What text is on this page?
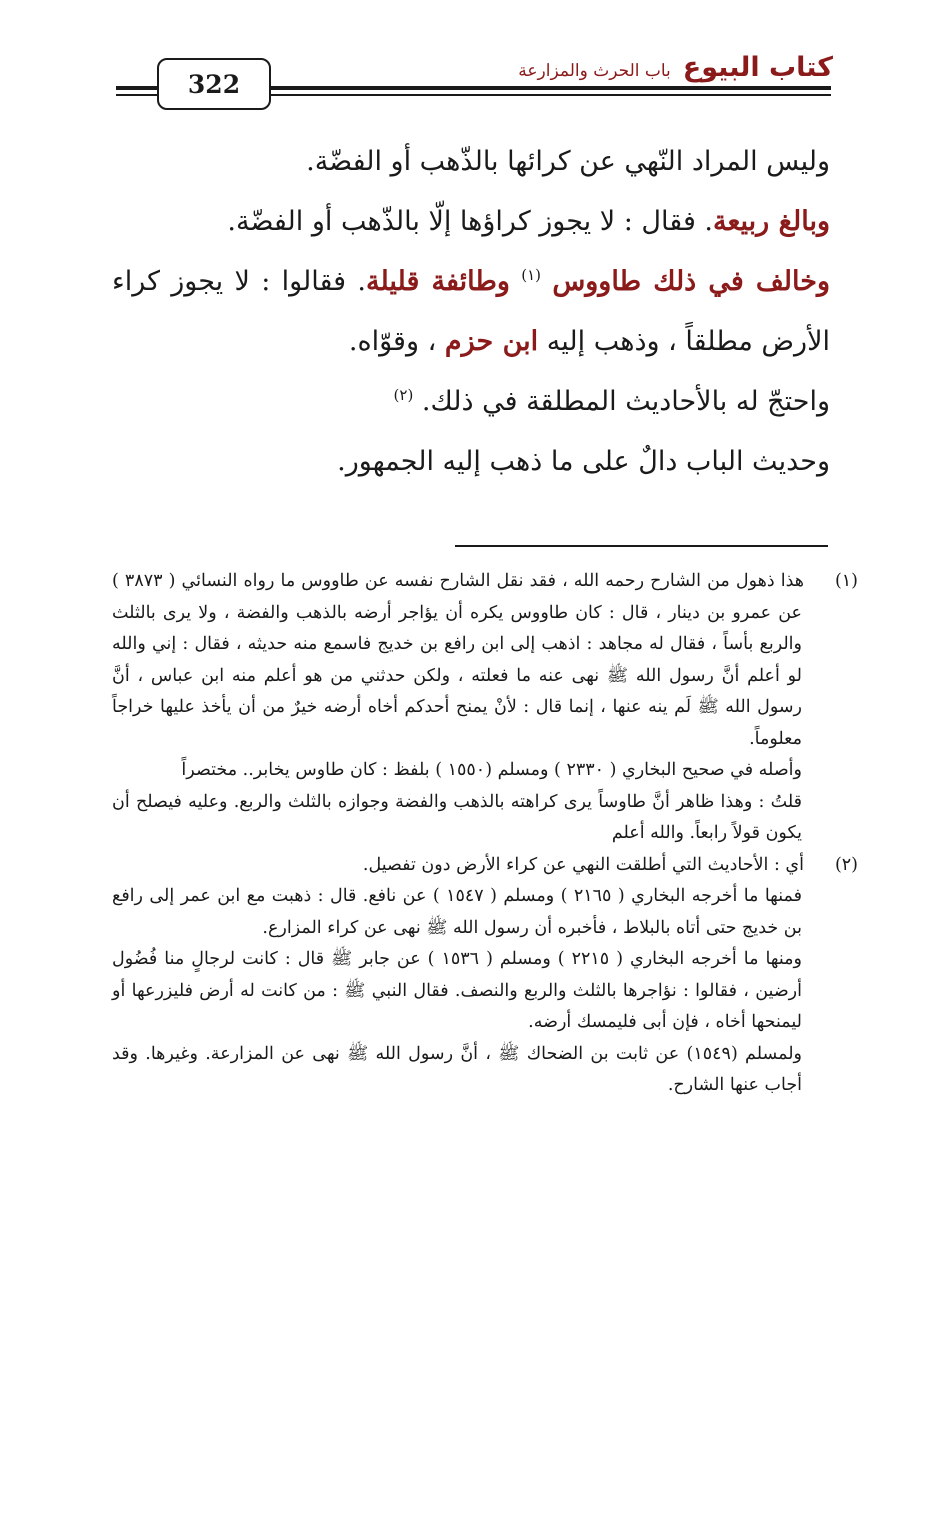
322
كتاب البيوع
باب الحرث والمزارعة

وليس المراد النّهي عن كرائها بالذّهب أو الفضّة.

وبالغ ربيعة. فقال : لا يجوز كراؤها إلّا بالذّهب أو الفضّة.

وخالف في ذلك طاووس $^{(١)}$ وطائفة قليلة. فقالوا : لا يجوز كراء الأرض مطلقاً ، وذهب إليه ابن حزم ، وقوّاه.

واحتجّ له بالأحاديث المطلقة في ذلك. $^{(٢)}$

وحديث الباب دالٌ على ما ذهب إليه الجمهور.

(١)هذا ذهول من الشارح رحمه الله ، فقد نقل الشارح نفسه عن طاووس ما رواه النسائي ( ٣٨٧٣ ) عن عمرو بن دينار ، قال : كان طاووس يكره أن يؤاجر أرضه بالذهب والفضة ، ولا يرى بالثلث والربع بأساً ، فقال له مجاهد : اذهب إلى ابن رافع بن خديج فاسمع منه حديثه ، فقال : إني والله لو أعلم أنَّ رسول الله ﷺ نهى عنه ما فعلته ، ولكن حدثني من هو أعلم منه ابن عباس ، أنَّ رسول الله ﷺ لَم ينه عنها ، إنما قال : لأنْ يمنح أحدكم أخاه أرضه خيرٌ من أن يأخذ عليها خراجاً معلوماً.

وأصله في صحيح البخاري ( ٢٣٣٠ ) ومسلم (١٥٥٠ ) بلفظ : كان طاوس يخابر.. مختصراً

قلتُ : وهذا ظاهر أنَّ طاوساً يرى كراهته بالذهب والفضة وجوازه بالثلث والربع. وعليه فيصلح أن يكون قولاً رابعاً. والله أعلم

(٢)أي : الأحاديث التي أطلقت النهي عن كراء الأرض دون تفصيل.

فمنها ما أخرجه البخاري ( ٢١٦٥ ) ومسلم ( ١٥٤٧ ) عن نافع. قال : ذهبت مع ابن عمر إلى رافع بن خديج حتى أتاه بالبلاط ، فأخبره أن رسول الله ﷺ نهى عن كراء المزارع.

ومنها ما أخرجه البخاري ( ٢٢١٥ ) ومسلم ( ١٥٣٦ ) عن جابر ﷺ قال : كانت لرجالٍ منا فُضُول أرضين ، فقالوا : نؤاجرها بالثلث والربع والنصف. فقال النبي ﷺ : من كانت له أرض فليزرعها أو ليمنحها أخاه ، فإن أبى فليمسك أرضه.

ولمسلم (١٥٤٩) عن ثابت بن الضحاك ﷺ ، أنَّ رسول الله ﷺ نهى عن المزارعة. وغيرها. وقد أجاب عنها الشارح.
